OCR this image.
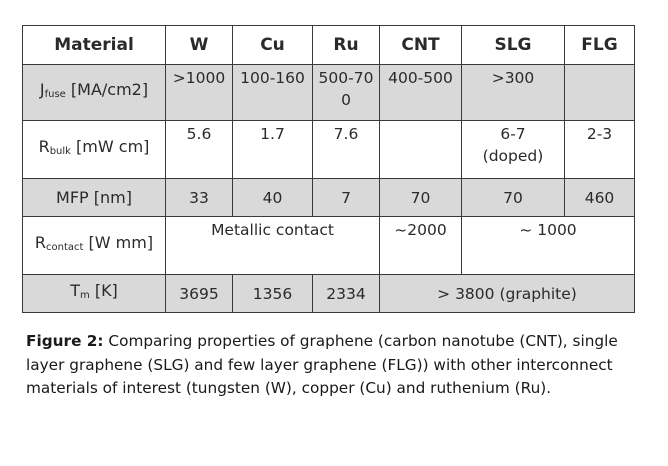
Material	W	Cu	Ru	CNT	SLG	FLG
$J_{fuse}$ [MA/cm2]	>1000	100-160	500-700	400-500	>300	
$R_{bulk}$ [mW cm]	5.6	1.7	7.6		6-7 (doped)	2-3
MFP [nm]	33	40	7	70	70	460
$R_{contact}$ [W mm]	Metallic contact			~2000	~ 1000	
$T_m$ [K]	3695	1356	2334	> 3800 (graphite)		
Figure 2: Comparing properties of graphene (carbon nanotube (CNT), single layer graphene (SLG) and few layer graphene (FLG)) with other interconnect materials of interest (tungsten (W), copper (Cu) and ruthenium (Ru).
